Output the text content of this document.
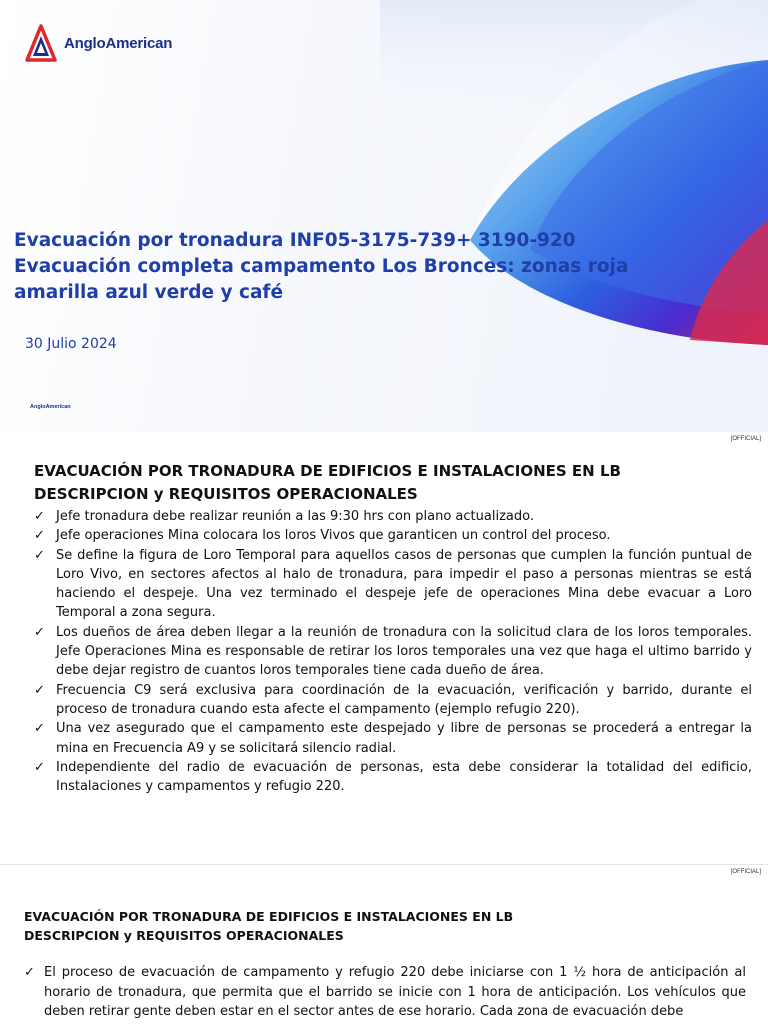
AngloAmerican
Evacuación por tronadura INF05-3175-739+ 3190-920
Evacuación completa campamento Los Bronces: zonas roja
amarilla azul verde y café
30 Julio 2024
AngloAmerican
[OFFICIAL]
EVACUACIÓN POR TRONADURA DE EDIFICIOS E INSTALACIONES EN LB
DESCRIPCION y REQUISITOS OPERACIONALES
✓ Jefe tronadura debe realizar reunión a las 9:30 hrs con plano actualizado.
✓ Jefe operaciones Mina colocara los loros Vivos que garanticen un control del proceso.
✓ Se define la figura de Loro Temporal para aquellos casos de personas que cumplen la función puntual de Loro Vivo, en sectores afectos al halo de tronadura, para impedir el paso a personas mientras se está haciendo el despeje. Una vez terminado el despeje jefe de operaciones Mina debe evacuar a Loro Temporal a zona segura.
✓ Los dueños de área deben llegar a la reunión de tronadura con la solicitud clara de los loros temporales. Jefe Operaciones Mina es responsable de retirar los loros temporales una vez que haga el ultimo barrido y debe dejar registro de cuantos loros temporales tiene cada dueño de área.
✓ Frecuencia C9 será exclusiva para coordinación de la evacuación, verificación y barrido, durante el proceso de tronadura cuando esta afecte el campamento (ejemplo refugio 220).
✓ Una vez asegurado que el campamento este despejado y libre de personas se procederá a entregar la mina en Frecuencia A9 y se solicitará silencio radial.
✓ Independiente del radio de evacuación de personas, esta debe considerar la totalidad del edificio, Instalaciones y campamentos y refugio 220.
[OFFICIAL]
EVACUACIÓN POR TRONADURA DE EDIFICIOS E INSTALACIONES EN LB
DESCRIPCION y REQUISITOS OPERACIONALES
✓ El proceso de evacuación de campamento y refugio 220 debe iniciarse con 1 ½ hora de anticipación al horario de tronadura, que permita que el barrido se inicie con 1 hora de anticipación. Los vehículos que deben retirar gente deben estar en el sector antes de ese horario. Cada zona de evacuación debe
